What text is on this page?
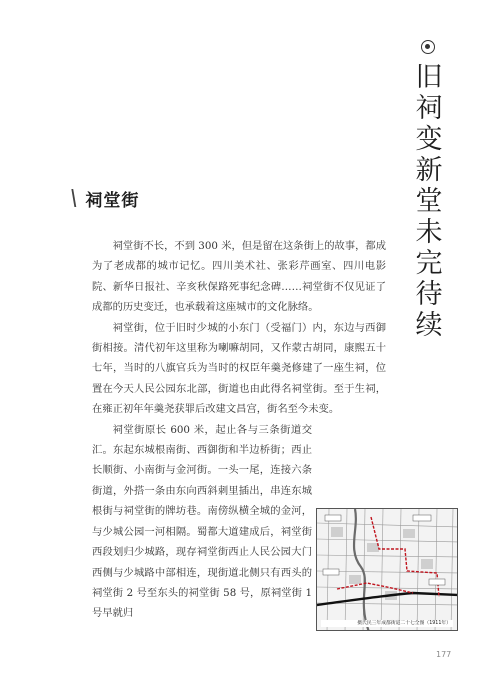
旧
祠
变
新
堂
未
完
待
续
\ 祠堂街

祠堂街不长，不到 300 米，但是留在这条街上的故事，都成为了老成都的城市记忆。四川美术社、张彩芹画室、四川电影院、新华日报社、辛亥秋保路死事纪念碑……祠堂街不仅见证了成都的历史变迁，也承载着这座城市的文化脉络。

祠堂街，位于旧时少城的小东门（受福门）内，东边与西御街相接。清代初年这里称为喇嘛胡同，又作蒙古胡同，康熙五十七年，当时的八旗官兵为当时的权臣年羹尧修建了一座生祠，位置在今天人民公园东北部，街道也由此得名祠堂街。至于生祠，在雍正初年年羹尧获罪后改建文昌宫，街名至今未变。

祠堂街原长 600 米，起止各与三条街道交汇。东起东城根南街、西御街和半边桥街；西止长顺街、小南街与金河街。一头一尾，连接六条街道，外搭一条由东向西斜刺里插出，串连东城根街与祠堂街的牌坊巷。南傍纵横全城的金河，与少城公园一河相隔。蜀都大道建成后，祠堂街西段划归少城路，现存祠堂街西止人民公园大门西侧与少城路中部相连，现街道北侧只有西头的祠堂街 2 号至东头的祠堂街 58 号，原祠堂街 1 号早就归

摄氏民三年成都街道二十七全图（1911年）
177
